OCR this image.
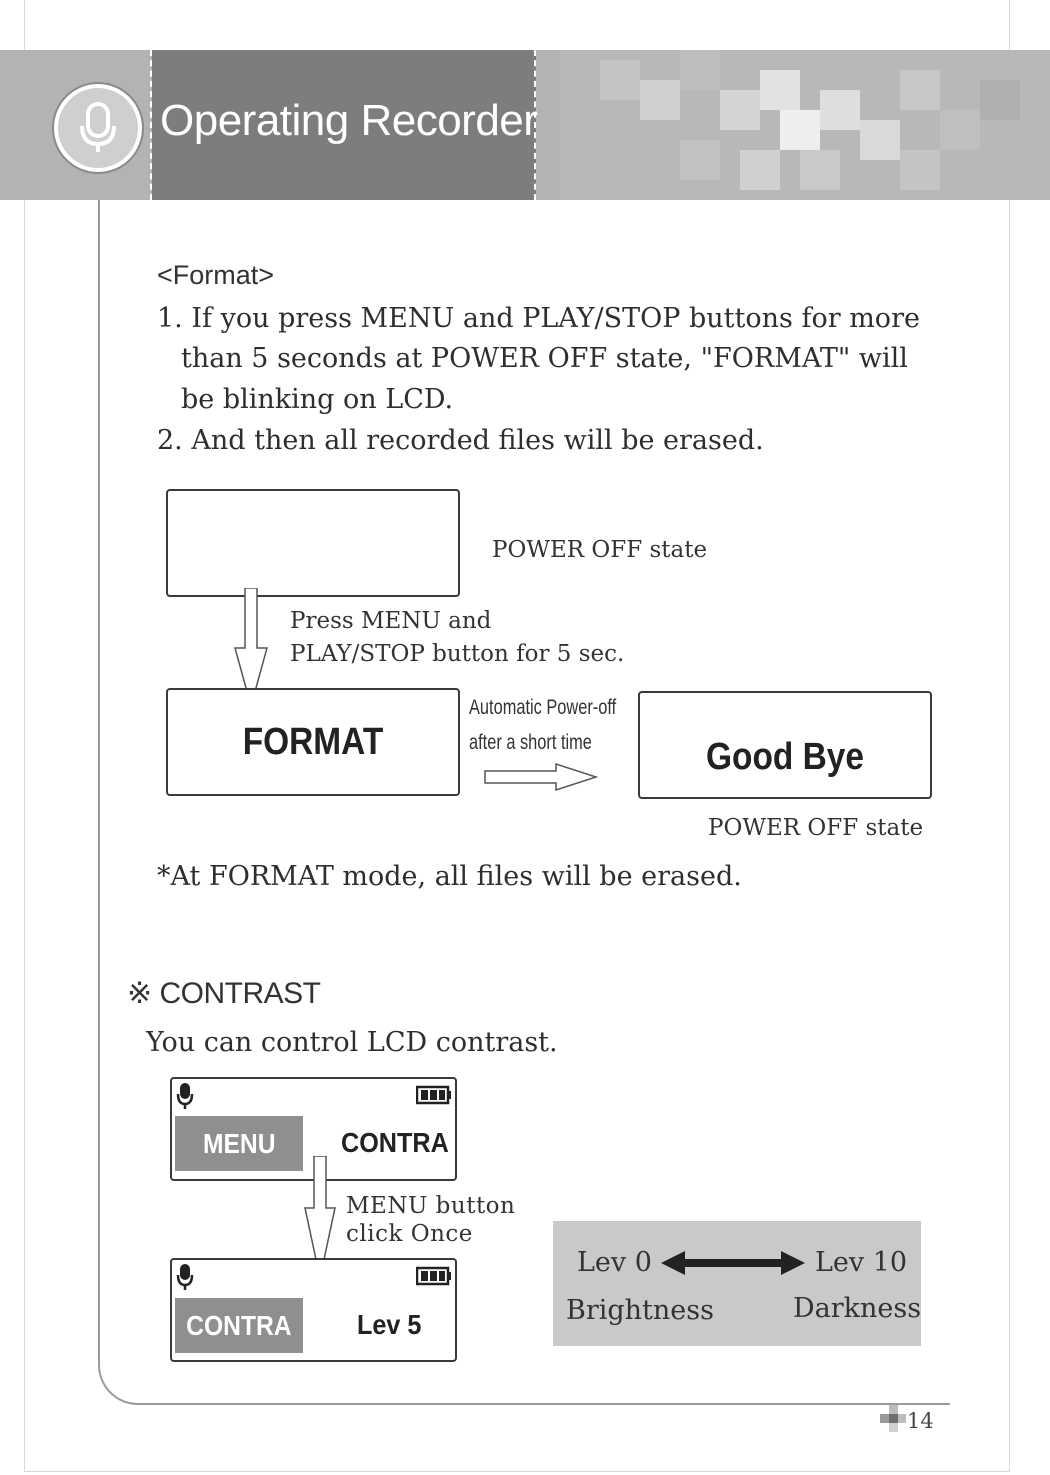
Operating Recorder
<Format>
1. If you press MENU and PLAY/STOP buttons for more
than 5 seconds at POWER OFF state, "FORMAT" will
be blinking on LCD.
2. And then all recorded files will be erased.
POWER OFF state
Press MENU and
PLAY/STOP button for 5 sec.
FORMAT
Automatic Power-off
after a short time	Good Bye
POWER OFF state
*At FORMAT mode, all files will be erased.
※ CONTRAST
You can control LCD contrast.
MENU CONTRA
MENU button
click Once
CONTRA Lev 5
Lev 0	Lev 10
Brightness	Darkness
14
